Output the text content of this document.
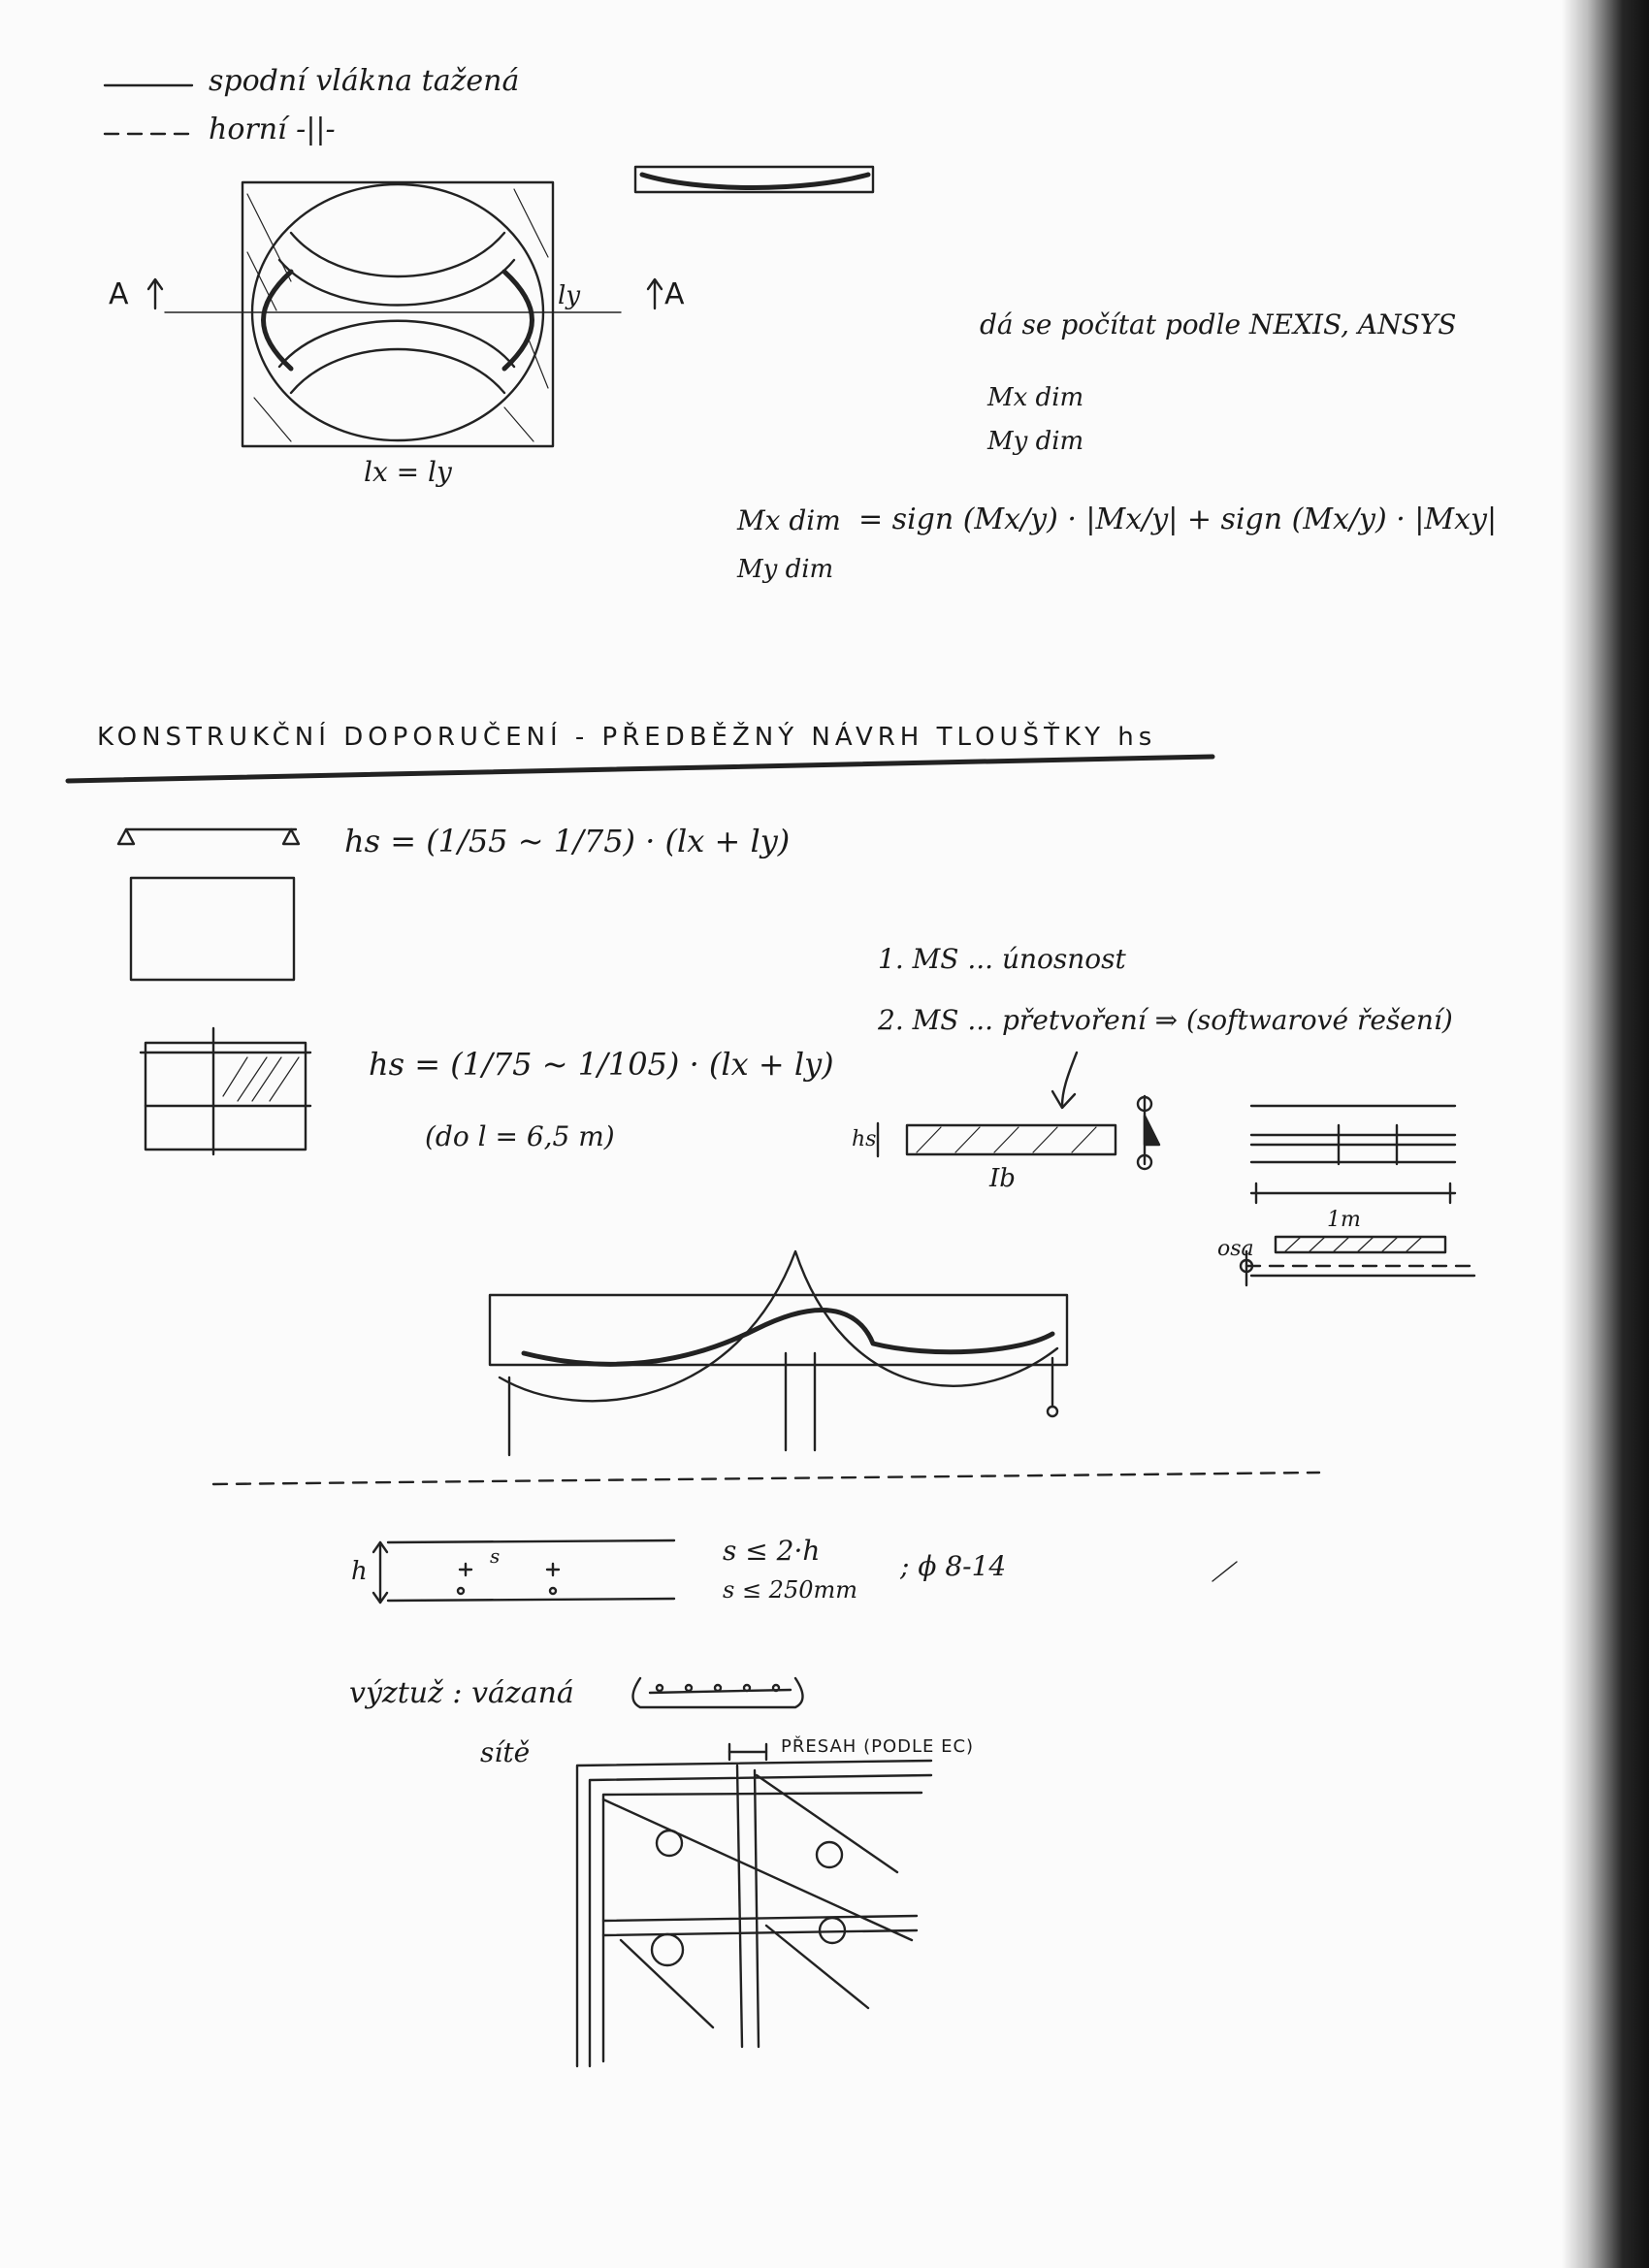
spodní vlákna tažená
horní -||-
A	A
ly
lx = ly
dá se počítat podle NEXIS, ANSYS
Mx dim
My dim
Mx dim = sign (Mx/y) · |Mx/y| + sign (Mx/y) · |Mxy|
My dim
KONSTRUKČNÍ DOPORUČENÍ - PŘEDBĚŽNÝ NÁVRH TLOUŠŤKY hs
hs = (1/55 ~ 1/75) · (lx + ly)
hs = (1/75 ~ 1/105) · (lx + ly)
(do l = 6,5 m)
1. MS ... únosnost
2. MS ... přetvoření ⇒ (softwarové řešení)
hs
Ib
1m
osa
h
s	s ≤ 2·h
s ≤ 250mm
; ϕ 8-14
výztuž : vázaná
sítě	PŘESAH (PODLE EC)
